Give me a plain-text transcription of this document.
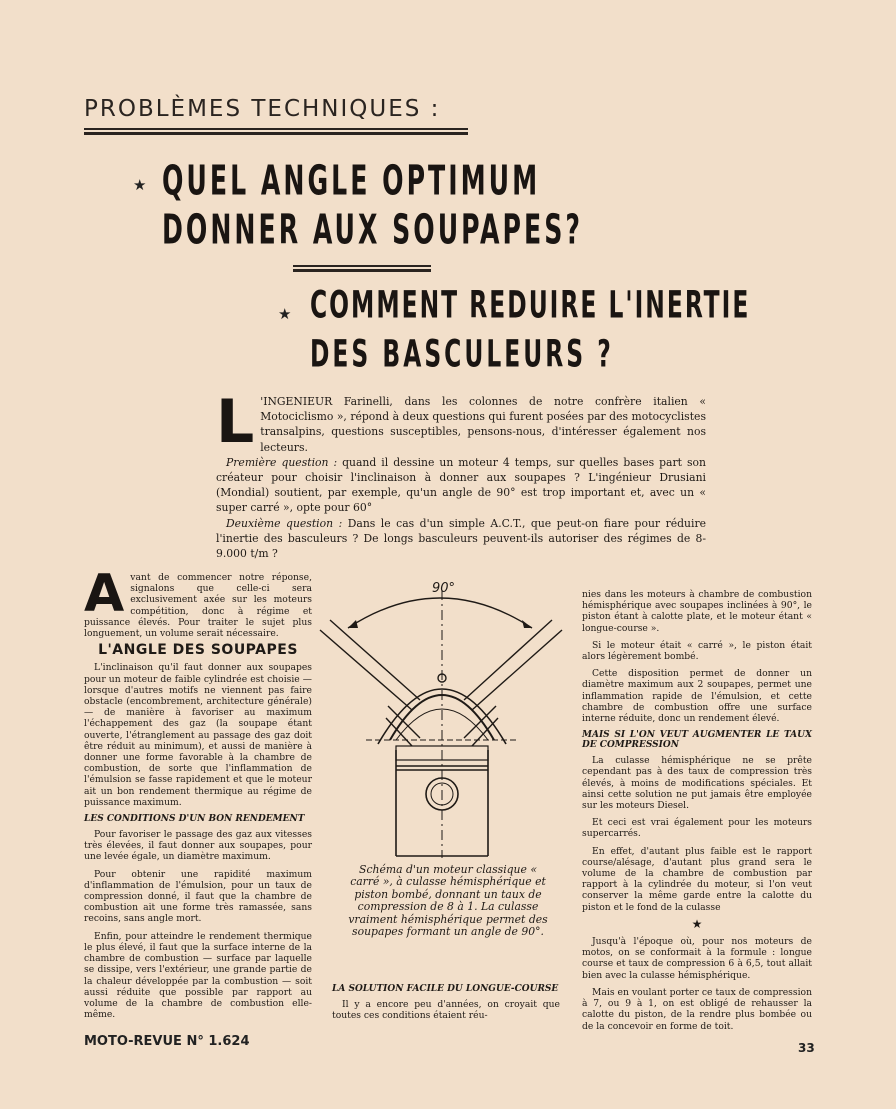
PROBLÈMES TECHNIQUES :
★ QUEL ANGLE OPTIMUM
DONNER AUX SOUPAPES?
★ COMMENT REDUIRE L'INERTIE
DES BASCULEURS ?

L 'INGENIEUR Farinelli, dans les colonnes de notre confrère italien « Motociclismo », répond à deux questions qui furent posées par des motocyclistes transalpins, questions susceptibles, pensons-nous, d'intéresser également nos lecteurs.

Première question : quand il dessine un moteur 4 temps, sur quelles bases part son créateur pour choisir l'inclinaison à donner aux soupapes ? L'ingénieur Drusiani (Mondial) soutient, par exemple, qu'un angle de 90° est trop important et, avec un « super carré », opte pour 60°

Deuxième question : Dans le cas d'un simple A.C.T., que peut-on fiare pour réduire l'inertie des basculeurs ? De longs basculeurs peuvent-ils autoriser des régimes de 8-9.000 t/m ?

Avant de commencer notre réponse, signalons que celle-ci sera exclusivement axée sur les moteurs compétition, donc à régime et puissance élevés. Pour traiter le sujet plus longuement, un volume serait nécessaire.

L'ANGLE DES SOUPAPES

L'inclinaison qu'il faut donner aux soupapes pour un moteur de faible cylindrée est choisie — lorsque d'autres motifs ne viennent pas faire obstacle (encombrement, architecture générale) — de manière à favoriser au maximum l'échappement des gaz (la soupape étant ouverte, l'étranglement au passage des gaz doit être réduit au minimum), et aussi de manière à donner une forme favorable à la chambre de combustion, de sorte que l'inflammation de l'émulsion se fasse rapidement et que le moteur ait un bon rendement thermique au régime de puissance maximum.

LES CONDITIONS D'UN BON RENDEMENT

Pour favoriser le passage des gaz aux vitesses très élevées, il faut donner aux soupapes, pour une levée égale, un diamètre maximum.

Pour obtenir une rapidité maximum d'inflammation de l'émulsion, pour un taux de compression donné, il faut que la chambre de combustion ait une forme très ramassée, sans recoins, sans angle mort.

Enfin, pour atteindre le rendement thermique le plus élevé, il faut que la surface interne de la chambre de combustion — surface par laquelle se dissipe, vers l'extérieur, une grande partie de la chaleur développée par la combustion — soit aussi réduite que possible par rapport au volume de la chambre de combustion elle-même.

90°
Schéma d'un moteur classique « carré », à culasse hémisphérique et piston bombé, donnant un taux de compression de 8 à 1. La culasse vraiment hémisphérique permet des soupapes formant un angle de 90°.
LA SOLUTION FACILE DU LONGUE-COURSE

Il y a encore peu d'années, on croyait que toutes ces conditions étaient réu-

nies dans les moteurs à chambre de combustion hémisphérique avec soupapes inclinées à 90°, le piston étant à calotte plate, et le moteur étant « longue-course ».

Si le moteur était « carré », le piston était alors légèrement bombé.

Cette disposition permet de donner un diamètre maximum aux 2 soupapes, permet une inflammation rapide de l'émulsion, et cette chambre de combustion offre une surface interne réduite, donc un rendement élevé.

MAIS SI L'ON VEUT AUGMENTER LE TAUX DE COMPRESSION

La culasse hémisphérique ne se prête cependant pas à des taux de compression très élevés, à moins de modifications spéciales. Et ainsi cette solution ne put jamais être employée sur les moteurs Diesel.

Et ceci est vrai également pour les moteurs supercarrés.

En effet, d'autant plus faible est le rapport course/alésage, d'autant plus grand sera le volume de la chambre de combustion par rapport à la cylindrée du moteur, si l'on veut conserver la même garde entre la calotte du piston et le fond de la culasse

★

Jusqu'à l'époque où, pour nos moteurs de motos, on se conformait à la formule : longue course et taux de compression 6 à 6,5, tout allait bien avec la culasse hémisphérique.

Mais en voulant porter ce taux de compression à 7, ou 9 à 1, on est obligé de rehausser la calotte du piston, de la rendre plus bombée ou de la concevoir en forme de toit.

MOTO-REVUE N° 1.624	33
